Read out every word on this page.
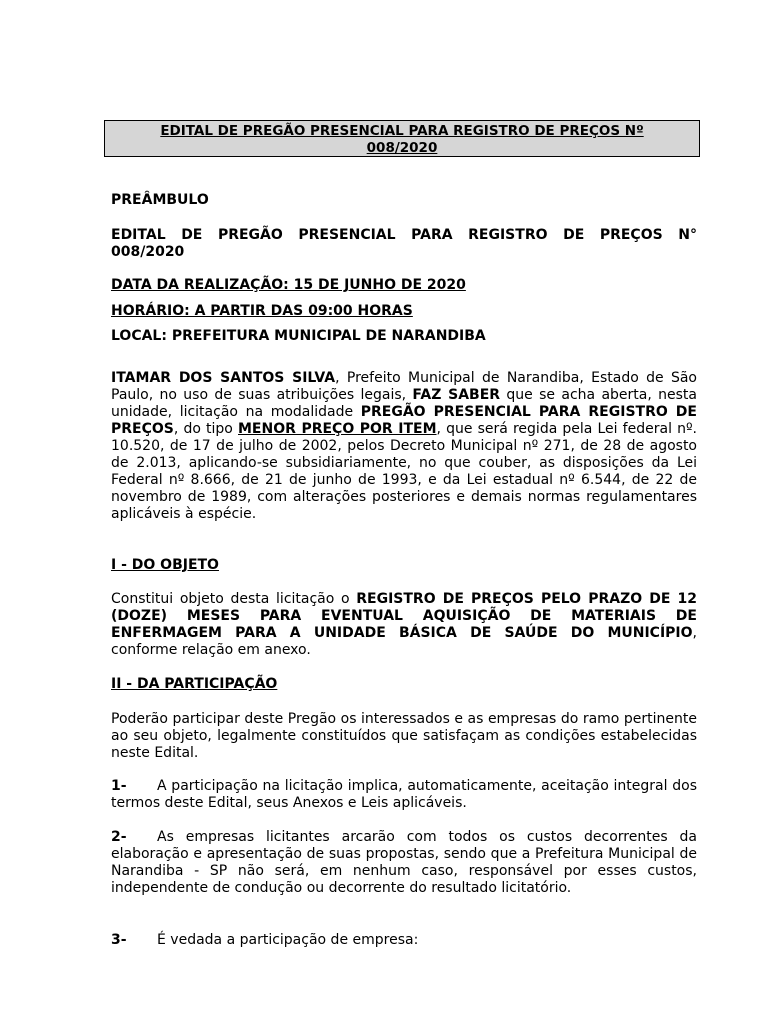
EDITAL DE PREGÃO PRESENCIAL PARA REGISTRO DE PREÇOS Nº
008/2020

PREÂMBULO

EDITAL DE PREGÃO PRESENCIAL PARA REGISTRO DE PREÇOS N°

008/2020

DATA DA REALIZAÇÃO: 15 DE JUNHO DE 2020

HORÁRIO: A PARTIR DAS 09:00 HORAS

LOCAL: PREFEITURA MUNICIPAL DE NARANDIBA

ITAMAR DOS SANTOS SILVA, Prefeito Municipal de Narandiba, Estado de São Paulo, no uso de suas atribuições legais, FAZ SABER que se acha aberta, nesta unidade, licitação na modalidade PREGÃO PRESENCIAL PARA REGISTRO DE PREÇOS, do tipo MENOR PREÇO POR ITEM, que será regida pela Lei federal nº. 10.520, de 17 de julho de 2002, pelos Decreto Municipal nº 271, de 28 de agosto de 2.013, aplicando-se subsidiariamente, no que couber, as disposições da Lei Federal nº 8.666, de 21 de junho de 1993, e da Lei estadual nº 6.544, de 22 de novembro de 1989, com alterações posteriores e demais normas regulamentares aplicáveis à espécie.

I - DO OBJETO

Constitui objeto desta licitação o REGISTRO DE PREÇOS PELO PRAZO DE 12 (DOZE) MESES PARA EVENTUAL AQUISIÇÃO DE MATERIAIS DE ENFERMAGEM PARA A UNIDADE BÁSICA DE SAÚDE DO MUNICÍPIO, conforme relação em anexo.

II - DA PARTICIPAÇÃO

Poderão participar deste Pregão os interessados e as empresas do ramo pertinente ao seu objeto, legalmente constituídos que satisfaçam as condições estabelecidas neste Edital.

1- A participação na licitação implica, automaticamente, aceitação integral dos termos deste Edital, seus Anexos e Leis aplicáveis.

2- As empresas licitantes arcarão com todos os custos decorrentes da elaboração e apresentação de suas propostas, sendo que a Prefeitura Municipal de Narandiba - SP não será, em nenhum caso, responsável por esses custos, independente de condução ou decorrente do resultado licitatório.

3- É vedada a participação de empresa:
